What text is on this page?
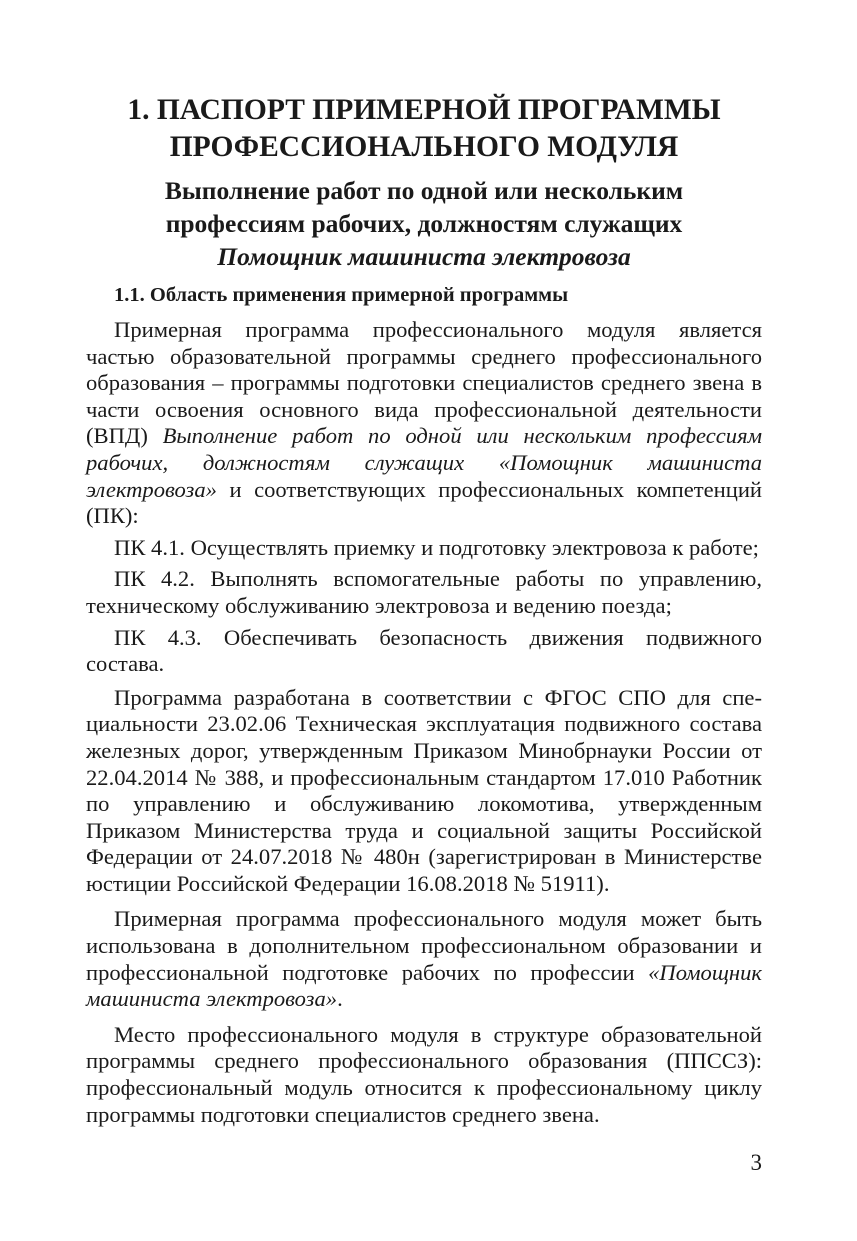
1. ПАСПОРТ ПРИМЕРНОЙ ПРОГРАММЫ
ПРОФЕССИОНАЛЬНОГО МОДУЛЯ
Выполнение работ по одной или нескольким
профессиям рабочих, должностям служащих
Помощник машиниста электровоза
1.1. Область применения примерной программы

Примерная программа профессионального модуля является частью образовательной программы среднего профессионального образования – программы подготовки специалистов среднего звена в части освоения основного вида профессиональной деятельности (ВПД) Выполнение работ по одной или нескольким профессиям рабочих, должностям служащих «Помощник машиниста электровоза» и соответствующих профессиональных компетенций (ПК):

ПК 4.1. Осуществлять приемку и подготовку электровоза к работе;

ПК 4.2. Выполнять вспомогательные работы по управлению, техническому обслуживанию электровоза и ведению поезда;

ПК 4.3. Обеспечивать безопасность движения подвижного состава.

Программа разработана в соответствии с ФГОС СПО для специальности 23.02.06 Техническая эксплуатация подвижного состава железных дорог, утвержденным Приказом Минобрнауки России от 22.04.2014 № 388, и профессиональным стандартом 17.010 Работник по управлению и обслуживанию локомотива, утвержденным Приказом Министерства труда и социальной защиты Российской Федерации от 24.07.2018 № 480н (зарегистрирован в Министерстве юстиции Российской Федерации 16.08.2018 № 51911).

Примерная программа профессионального модуля может быть использована в дополнительном профессиональном образовании и профессиональной подготовке рабочих по профессии «Помощник машиниста электровоза».

Место профессионального модуля в структуре образовательной программы среднего профессионального образования (ППССЗ): профессиональный модуль относится к профессиональному циклу программы подготовки специалистов среднего звена.

3
